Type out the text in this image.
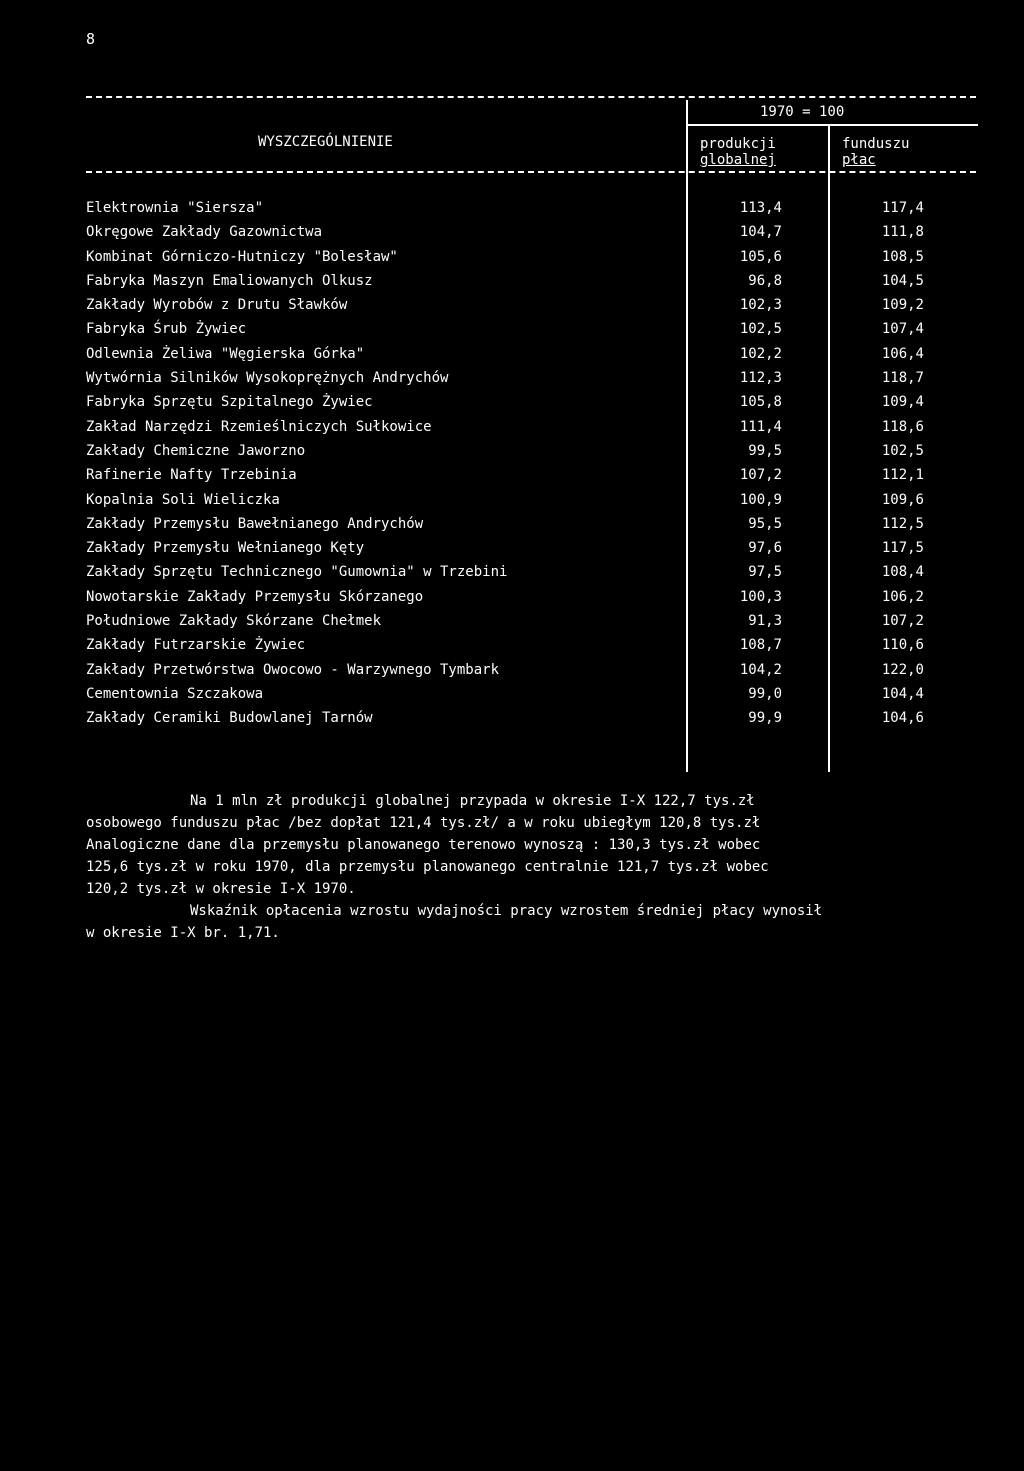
8
WYSZCZEGÓLNIENIE
1970 = 100
produkcji
globalnej
funduszu
płac
Elektrownia "Siersza"	113,4	117,4
Okręgowe Zakłady Gazownictwa	104,7	111,8
Kombinat Górniczo-Hutniczy "Bolesław"	105,6	108,5
Fabryka Maszyn Emaliowanych Olkusz	96,8	104,5
Zakłady Wyrobów z Drutu Sławków	102,3	109,2
Fabryka Śrub Żywiec	102,5	107,4
Odlewnia Żeliwa "Węgierska Górka"	102,2	106,4
Wytwórnia Silników Wysokoprężnych Andrychów	112,3	118,7
Fabryka Sprzętu Szpitalnego Żywiec	105,8	109,4
Zakład Narzędzi Rzemieślniczych Sułkowice	111,4	118,6
Zakłady Chemiczne Jaworzno	99,5	102,5
Rafinerie Nafty Trzebinia	107,2	112,1
Kopalnia Soli Wieliczka	100,9	109,6
Zakłady Przemysłu Bawełnianego Andrychów	95,5	112,5
Zakłady Przemysłu Wełnianego Kęty	97,6	117,5
Zakłady Sprzętu Technicznego "Gumownia" w Trzebini	97,5	108,4
Nowotarskie Zakłady Przemysłu Skórzanego	100,3	106,2
Południowe Zakłady Skórzane Chełmek	91,3	107,2
Zakłady Futrzarskie Żywiec	108,7	110,6
Zakłady Przetwórstwa Owocowo - Warzywnego Tymbark	104,2	122,0
Cementownia Szczakowa	99,0	104,4
Zakłady Ceramiki Budowlanej Tarnów	99,9	104,6

Na 1 mln zł produkcji globalnej przypada w okresie I-X 122,7 tys.zł

osobowego funduszu płac /bez dopłat 121,4 tys.zł/ a w roku ubiegłym 120,8 tys.zł

Analogiczne dane dla przemysłu planowanego terenowo wynoszą : 130,3 tys.zł wobec

125,6 tys.zł w roku 1970, dla przemysłu planowanego centralnie 121,7 tys.zł wobec

120,2 tys.zł w okresie I-X 1970.

Wskaźnik opłacenia wzrostu wydajności pracy wzrostem średniej płacy wynosił

w okresie I-X br. 1,71.
